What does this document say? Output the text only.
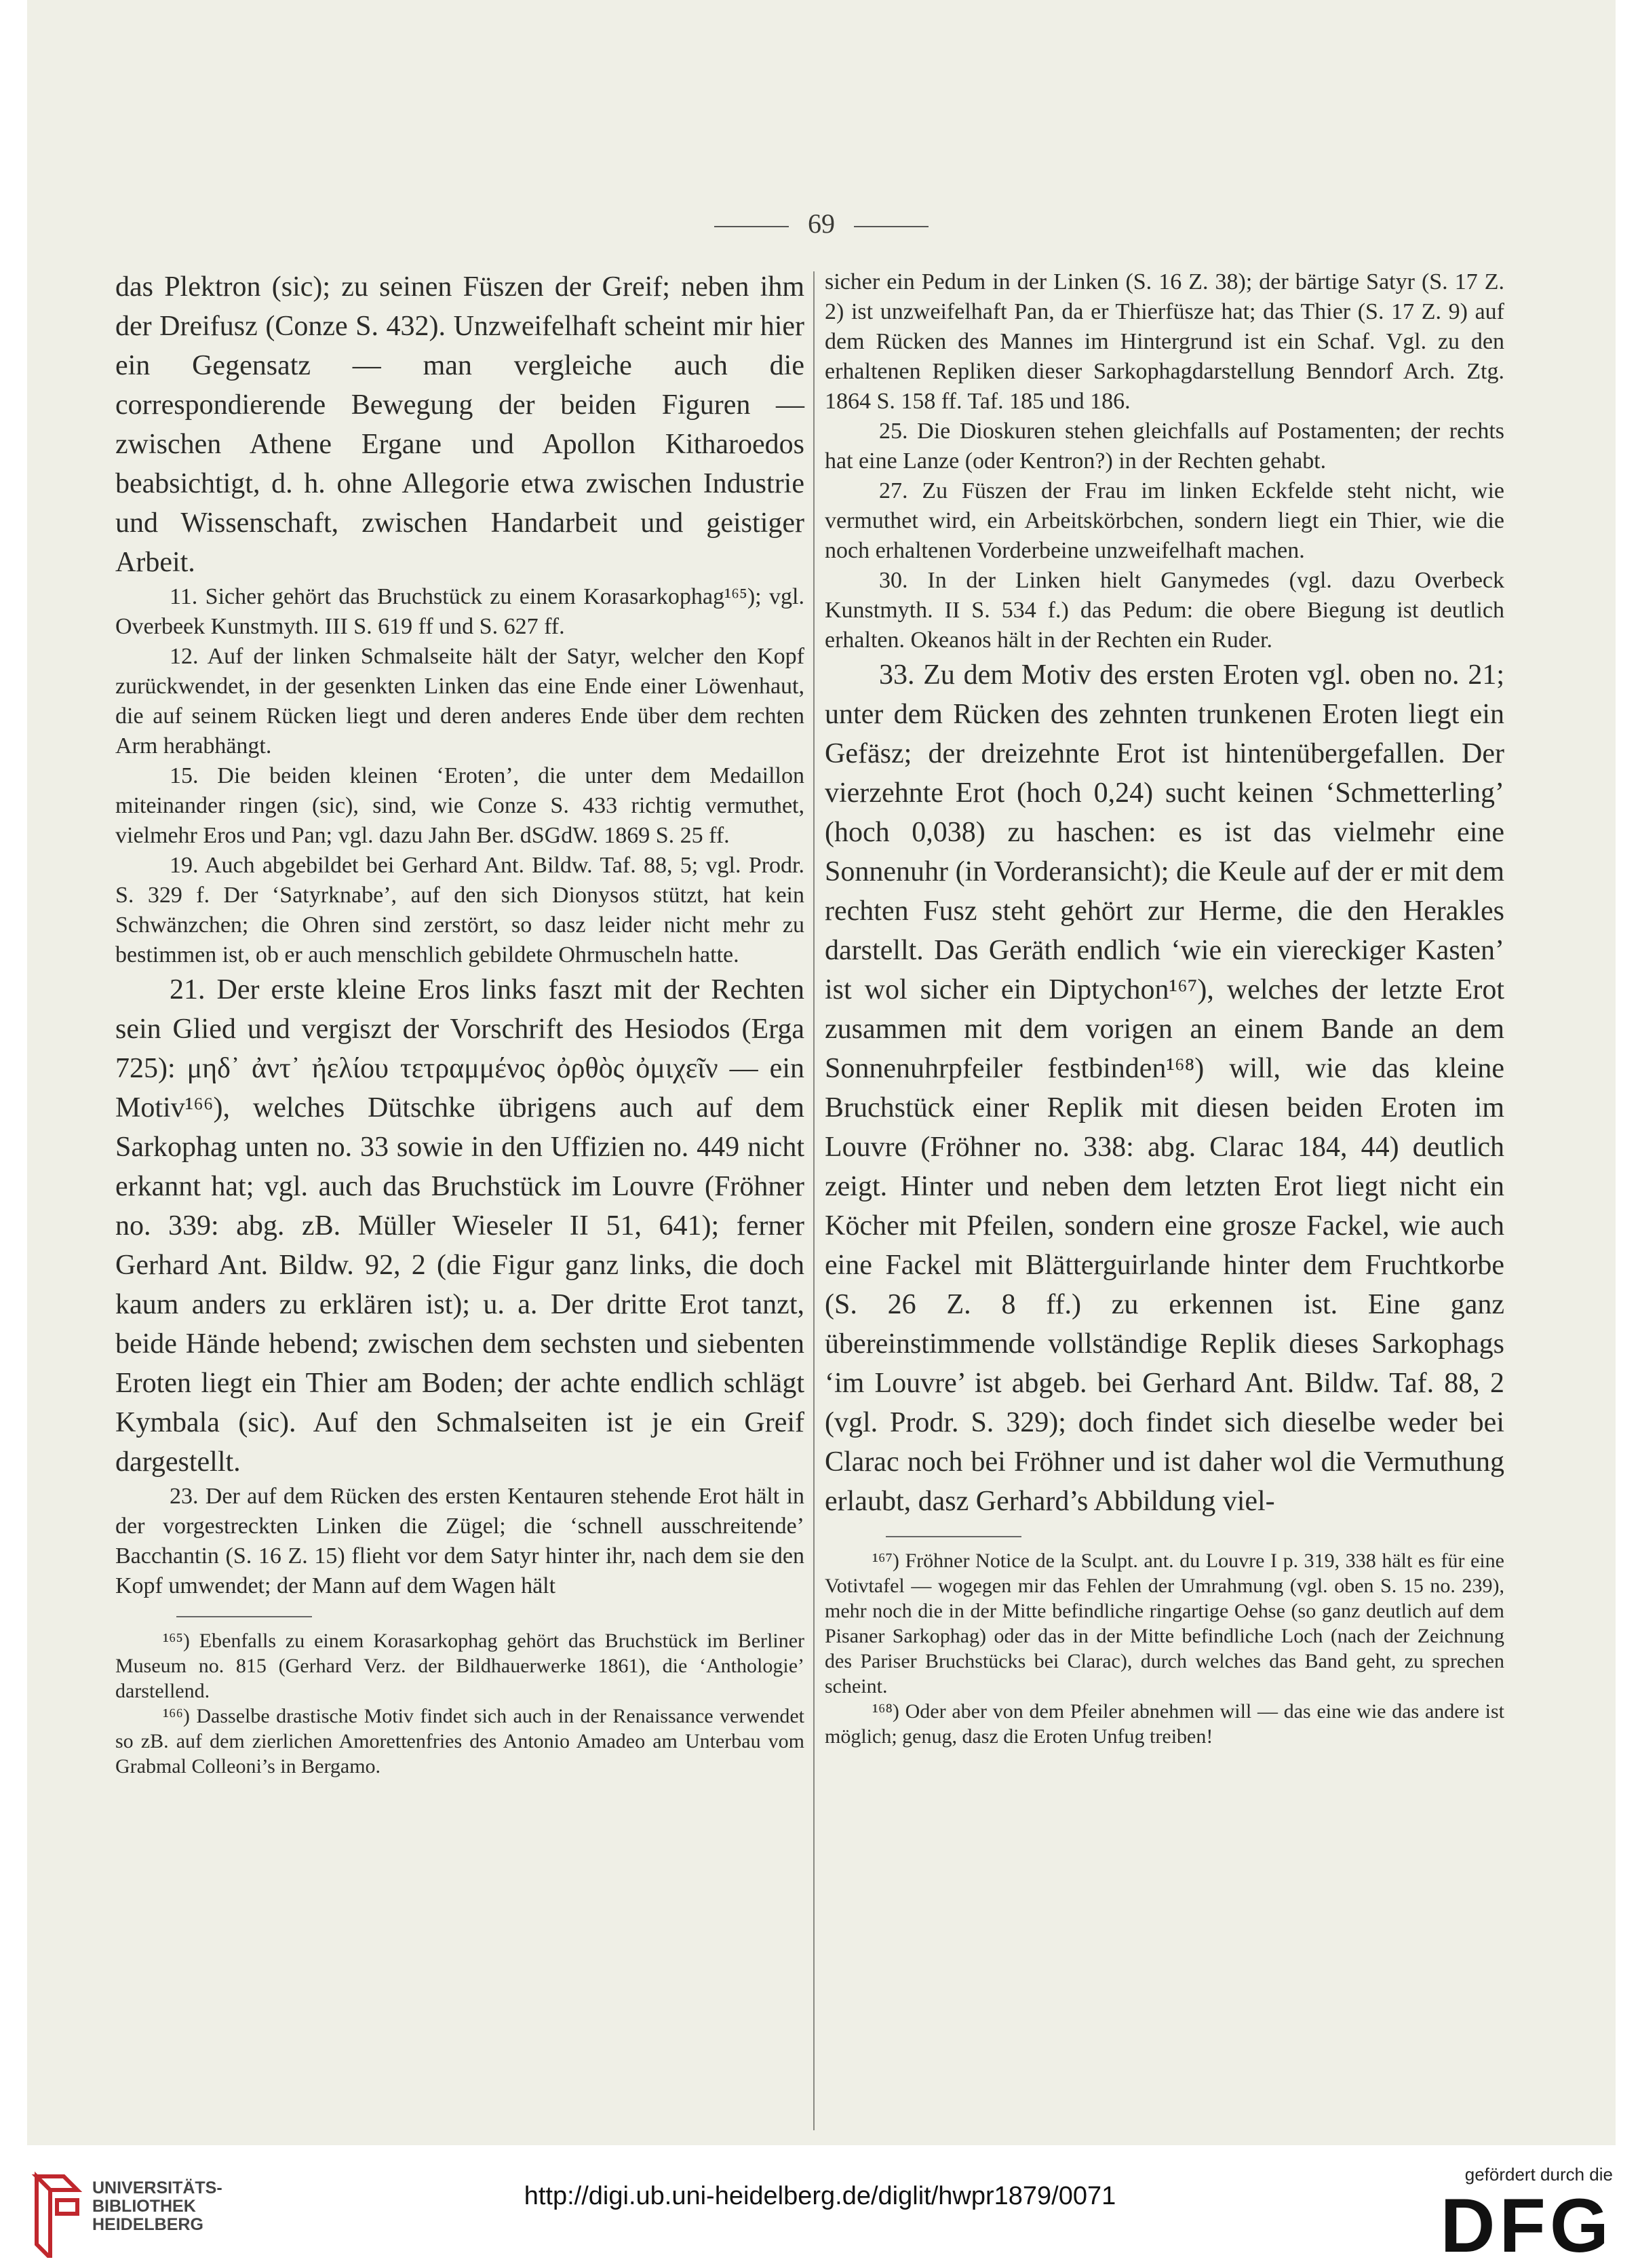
69

das Plektron (sic); zu seinen Füszen der Greif; neben ihm der Dreifusz (Conze S. 432). Unzweifelhaft scheint mir hier ein Gegensatz — man vergleiche auch die correspondierende Bewegung der beiden Figuren — zwischen Athene Ergane und Apollon Kitharoedos beabsichtigt, d. h. ohne Allegorie etwa zwischen Industrie und Wissenschaft, zwischen Handarbeit und geistiger Arbeit.

11. Sicher gehört das Bruchstück zu einem Korasarkophag¹⁶⁵); vgl. Overbeek Kunstmyth. III S. 619 ff und S. 627 ff.

12. Auf der linken Schmalseite hält der Satyr, welcher den Kopf zurückwendet, in der gesenkten Linken das eine Ende einer Löwenhaut, die auf seinem Rücken liegt und deren anderes Ende über dem rechten Arm herabhängt.

15. Die beiden kleinen ‘Eroten’, die unter dem Medaillon miteinander ringen (sic), sind, wie Conze S. 433 richtig vermuthet, vielmehr Eros und Pan; vgl. dazu Jahn Ber. dSGdW. 1869 S. 25 ff.

19. Auch abgebildet bei Gerhard Ant. Bildw. Taf. 88, 5; vgl. Prodr. S. 329 f. Der ‘Satyrknabe’, auf den sich Dionysos stützt, hat kein Schwänzchen; die Ohren sind zerstört, so dasz leider nicht mehr zu bestimmen ist, ob er auch menschlich gebildete Ohrmuscheln hatte.

21. Der erste kleine Eros links faszt mit der Rechten sein Glied und vergiszt der Vorschrift des Hesiodos (Erga 725): μηδ᾽ ἀντ᾽ ἠελίου τετραμμένος ὀρθὸς ὀμιχεῖν — ein Motiv¹⁶⁶), welches Dütschke übrigens auch auf dem Sarkophag unten no. 33 sowie in den Uffizien no. 449 nicht erkannt hat; vgl. auch das Bruchstück im Louvre (Fröhner no. 339: abg. zB. Müller Wieseler II 51, 641); ferner Gerhard Ant. Bildw. 92, 2 (die Figur ganz links, die doch kaum anders zu erklären ist); u. a. Der dritte Erot tanzt, beide Hände hebend; zwischen dem sechsten und siebenten Eroten liegt ein Thier am Boden; der achte endlich schlägt Kymbala (sic). Auf den Schmalseiten ist je ein Greif dargestellt.

23. Der auf dem Rücken des ersten Kentauren stehende Erot hält in der vorgestreckten Linken die Zügel; die ‘schnell ausschreitende’ Bacchantin (S. 16 Z. 15) flieht vor dem Satyr hinter ihr, nach dem sie den Kopf umwendet; der Mann auf dem Wagen hält

¹⁶⁵) Ebenfalls zu einem Korasarkophag gehört das Bruchstück im Berliner Museum no. 815 (Gerhard Verz. der Bildhauerwerke 1861), die ‘Anthologie’ darstellend.

¹⁶⁶) Dasselbe drastische Motiv findet sich auch in der Renaissance verwendet so zB. auf dem zierlichen Amorettenfries des Antonio Amadeo am Unterbau vom Grabmal Colleoni’s in Bergamo.

sicher ein Pedum in der Linken (S. 16 Z. 38); der bärtige Satyr (S. 17 Z. 2) ist unzweifelhaft Pan, da er Thierfüsze hat; das Thier (S. 17 Z. 9) auf dem Rücken des Mannes im Hintergrund ist ein Schaf. Vgl. zu den erhaltenen Repliken dieser Sarkophagdarstellung Benndorf Arch. Ztg. 1864 S. 158 ff. Taf. 185 und 186.

25. Die Dioskuren stehen gleichfalls auf Postamenten; der rechts hat eine Lanze (oder Kentron?) in der Rechten gehabt.

27. Zu Füszen der Frau im linken Eckfelde steht nicht, wie vermuthet wird, ein Arbeitskörbchen, sondern liegt ein Thier, wie die noch erhaltenen Vorderbeine unzweifelhaft machen.

30. In der Linken hielt Ganymedes (vgl. dazu Overbeck Kunstmyth. II S. 534 f.) das Pedum: die obere Biegung ist deutlich erhalten. Okeanos hält in der Rechten ein Ruder.

33. Zu dem Motiv des ersten Eroten vgl. oben no. 21; unter dem Rücken des zehnten trunkenen Eroten liegt ein Gefäsz; der dreizehnte Erot ist hintenübergefallen. Der vierzehnte Erot (hoch 0,24) sucht keinen ‘Schmetterling’ (hoch 0,038) zu haschen: es ist das vielmehr eine Sonnenuhr (in Vorderansicht); die Keule auf der er mit dem rechten Fusz steht gehört zur Herme, die den Herakles darstellt. Das Geräth endlich ‘wie ein viereckiger Kasten’ ist wol sicher ein Diptychon¹⁶⁷), welches der letzte Erot zusammen mit dem vorigen an einem Bande an dem Sonnenuhrpfeiler festbinden¹⁶⁸) will, wie das kleine Bruchstück einer Replik mit diesen beiden Eroten im Louvre (Fröhner no. 338: abg. Clarac 184, 44) deutlich zeigt. Hinter und neben dem letzten Erot liegt nicht ein Köcher mit Pfeilen, sondern eine grosze Fackel, wie auch eine Fackel mit Blätterguirlande hinter dem Fruchtkorbe (S. 26 Z. 8 ff.) zu erkennen ist. Eine ganz übereinstimmende vollständige Replik dieses Sarkophags ‘im Louvre’ ist abgeb. bei Gerhard Ant. Bildw. Taf. 88, 2 (vgl. Prodr. S. 329); doch findet sich dieselbe weder bei Clarac noch bei Fröhner und ist daher wol die Vermuthung erlaubt, dasz Gerhard’s Abbildung viel-

¹⁶⁷) Fröhner Notice de la Sculpt. ant. du Louvre I p. 319, 338 hält es für eine Votivtafel — wogegen mir das Fehlen der Umrahmung (vgl. oben S. 15 no. 239), mehr noch die in der Mitte befindliche ringartige Oehse (so ganz deutlich auf dem Pisaner Sarkophag) oder das in der Mitte befindliche Loch (nach der Zeichnung des Pariser Bruchstücks bei Clarac), durch welches das Band geht, zu sprechen scheint.

¹⁶⁸) Oder aber von dem Pfeiler abnehmen will — das eine wie das andere ist möglich; genug, dasz die Eroten Unfug treiben!

UNIVERSITÄTS-
BIBLIOTHEK
HEIDELBERG
http://digi.ub.uni-heidelberg.de/diglit/hwpr1879/0071
gefördert durch die
DFG
